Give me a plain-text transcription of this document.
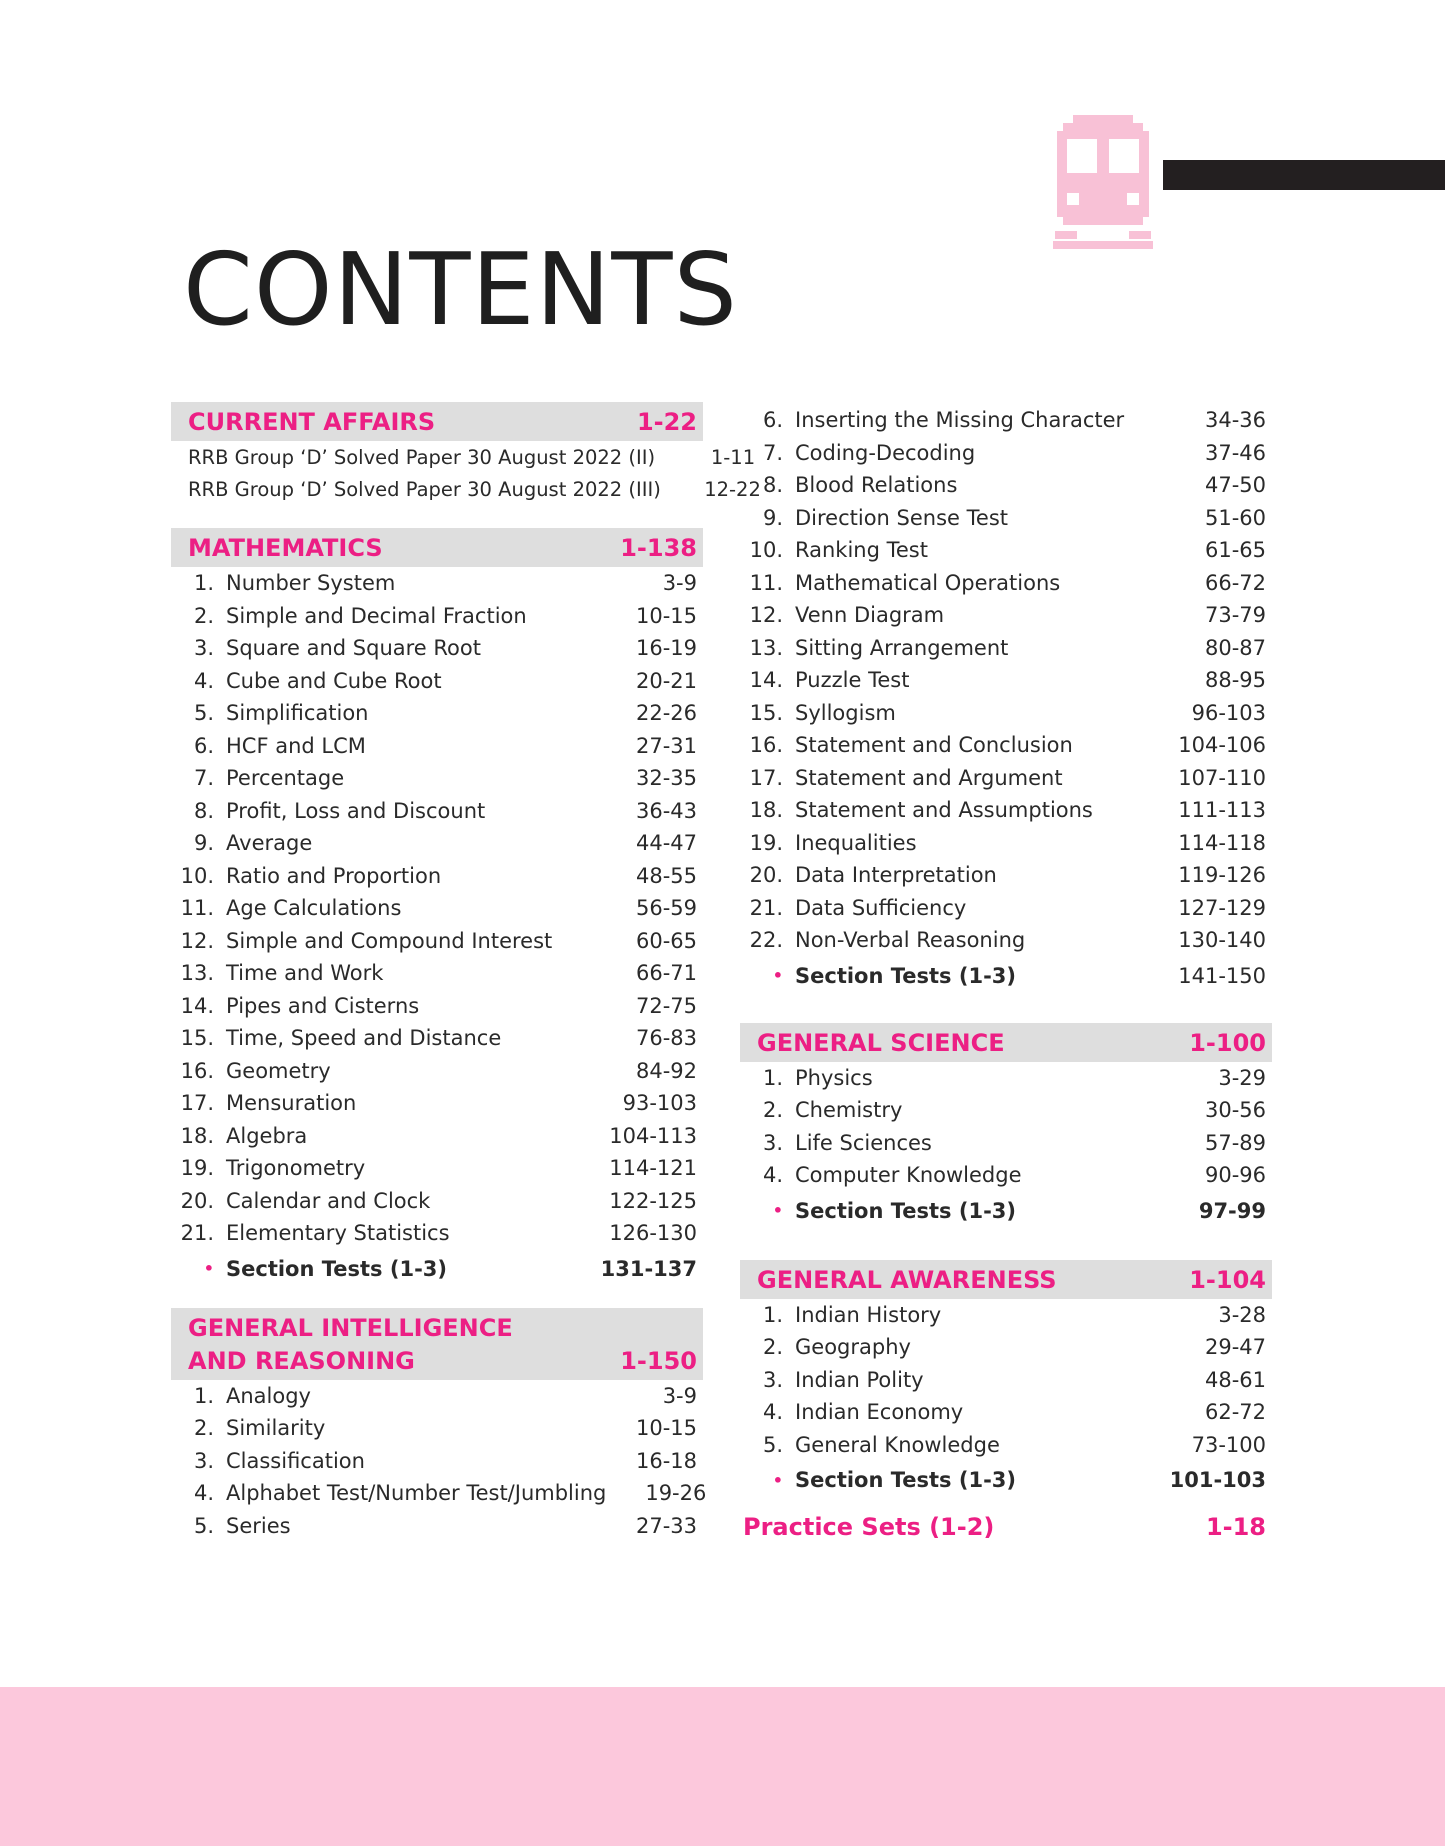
CONTENTS
CURRENT AFFAIRS	1-22
RRB Group ‘D’ Solved Paper 30 August 2022 (II)	1-11
RRB Group ‘D’ Solved Paper 30 August 2022 (III)	12-22
MATHEMATICS	1-138
1. Number System	3-9
2. Simple and Decimal Fraction	10-15
3. Square and Square Root	16-19
4. Cube and Cube Root	20-21
5. Simplification	22-26
6. HCF and LCM	27-31
7. Percentage	32-35
8. Profit, Loss and Discount	36-43
9. Average	44-47
10. Ratio and Proportion	48-55
11. Age Calculations	56-59
12. Simple and Compound Interest	60-65
13. Time and Work	66-71
14. Pipes and Cisterns	72-75
15. Time, Speed and Distance	76-83
16. Geometry	84-92
17. Mensuration	93-103
18. Algebra	104-113
19. Trigonometry	114-121
20. Calendar and Clock	122-125
21. Elementary Statistics	126-130
• Section Tests (1-3)	131-137
GENERAL INTELLIGENCE
AND REASONING	1-150
1. Analogy	3-9
2. Similarity	10-15
3. Classification	16-18
4. Alphabet Test/Number Test/Jumbling	19-26
5. Series	27-33
6. Inserting the Missing Character	34-36
7. Coding-Decoding	37-46
8. Blood Relations	47-50
9. Direction Sense Test	51-60
10. Ranking Test	61-65
11. Mathematical Operations	66-72
12. Venn Diagram	73-79
13. Sitting Arrangement	80-87
14. Puzzle Test	88-95
15. Syllogism	96-103
16. Statement and Conclusion	104-106
17. Statement and Argument	107-110
18. Statement and Assumptions	111-113
19. Inequalities	114-118
20. Data Interpretation	119-126
21. Data Sufficiency	127-129
22. Non-Verbal Reasoning	130-140
• Section Tests (1-3)	141-150
GENERAL SCIENCE	1-100
1. Physics	3-29
2. Chemistry	30-56
3. Life Sciences	57-89
4. Computer Knowledge	90-96
• Section Tests (1-3)	97-99
GENERAL AWARENESS	1-104
1. Indian History	3-28
2. Geography	29-47
3. Indian Polity	48-61
4. Indian Economy	62-72
5. General Knowledge	73-100
• Section Tests (1-3)	101-103
Practice Sets (1-2)	1-18
